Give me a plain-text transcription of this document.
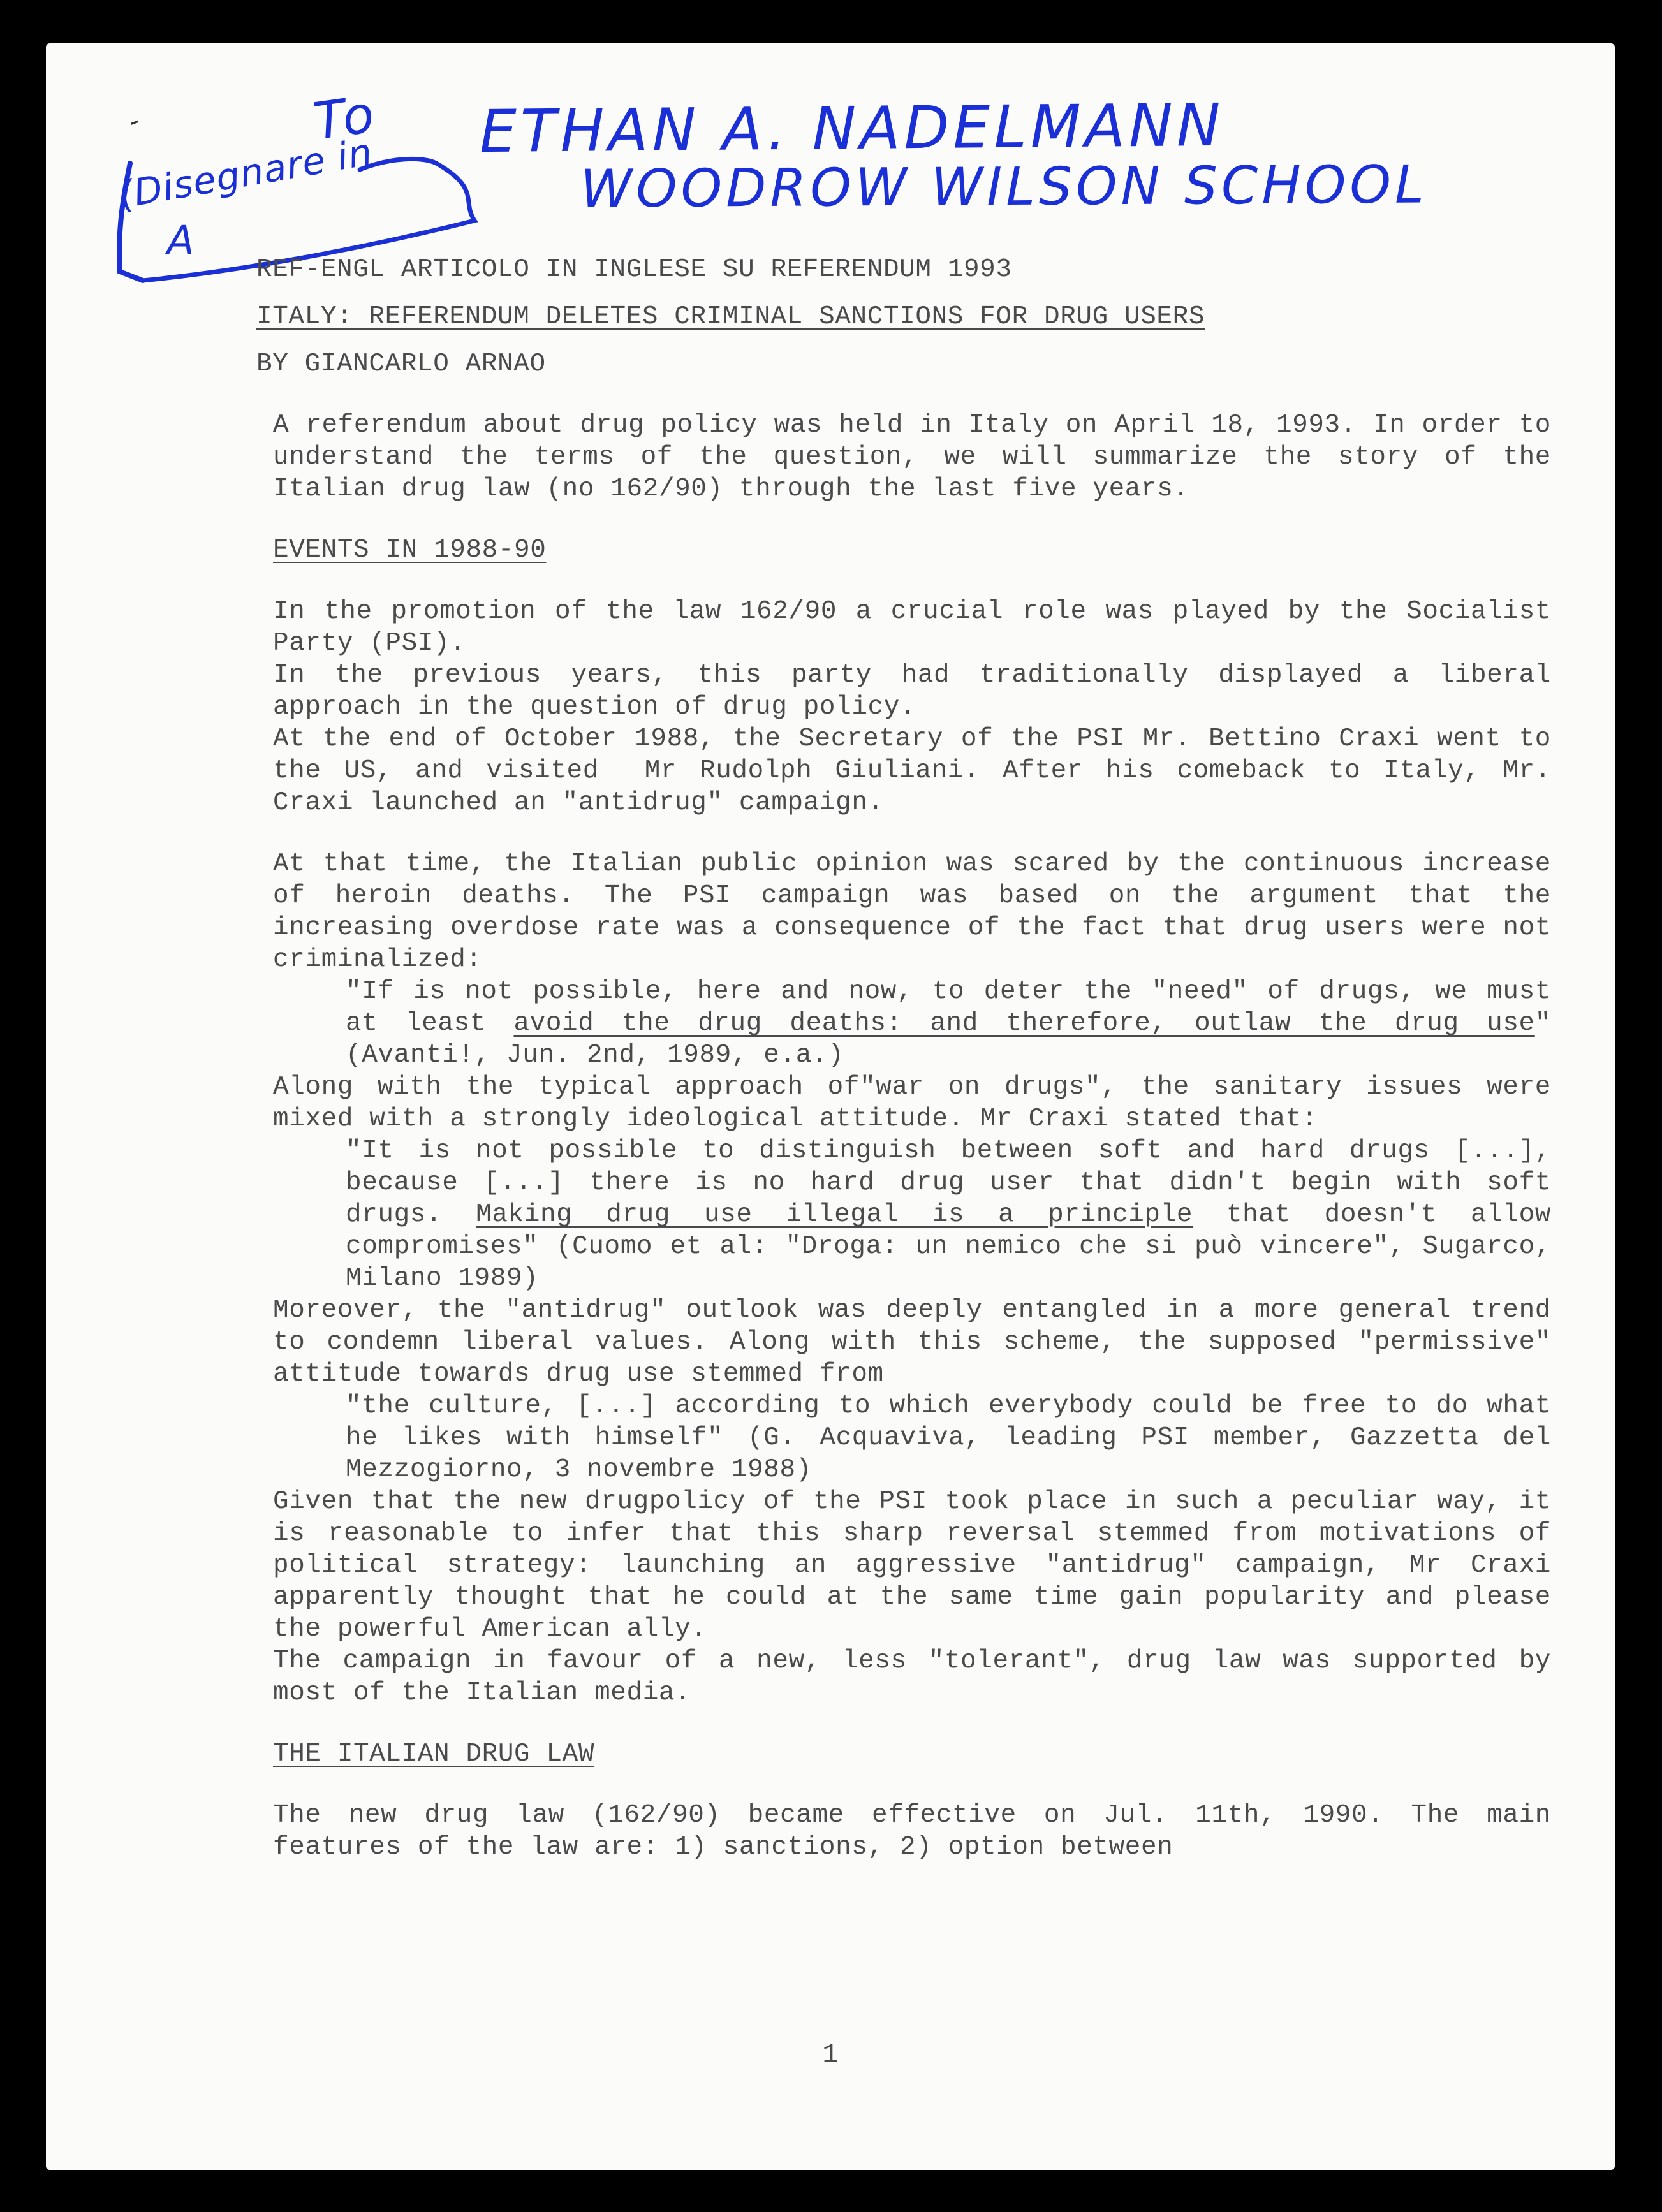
-	To ETHAN A. NADELMANN
WOODROW WILSON SCHOOL
(Disegnare in
A

REF-ENGL ARTICOLO IN INGLESE SU REFERENDUM 1993

ITALY: REFERENDUM DELETES CRIMINAL SANCTIONS FOR DRUG USERS

BY GIANCARLO ARNAO

A referendum about drug policy was held in Italy on April 18, 1993. In order to understand the terms of the question, we will summarize the story of the Italian drug law (no 162/90) through the last five years.

EVENTS IN 1988-90

In the promotion of the law 162/90 a crucial role was played by the Socialist Party (PSI).

In the previous years, this party had traditionally displayed a liberal approach in the question of drug policy.

At the end of October 1988, the Secretary of the PSI Mr. Bettino Craxi went to the US, and visited  Mr Rudolph Giuliani. After his comeback to Italy, Mr. Craxi launched an "antidrug" campaign.

At that time, the Italian public opinion was scared by the continuous increase of heroin deaths. The PSI campaign was based on the argument that the increasing overdose rate was a consequence of the fact that drug users were not criminalized:

"If is not possible, here and now, to deter the "need" of drugs, we must at least avoid the drug deaths: and therefore, outlaw the drug use" (Avanti!, Jun. 2nd, 1989, e.a.)

Along with the typical approach of"war on drugs", the sanitary issues were mixed with a strongly ideological attitude. Mr Craxi stated that:

"It is not possible to distinguish between soft and hard drugs [...], because [...] there is no hard drug user that didn't begin with soft drugs. Making drug use illegal is a principle that doesn't allow compromises" (Cuomo et al: "Droga: un nemico che si può vincere", Sugarco, Milano 1989)

Moreover, the "antidrug" outlook was deeply entangled in a more general trend to condemn liberal values. Along with this scheme, the supposed "permissive" attitude towards drug use stemmed from

"the culture, [...] according to which everybody could be free to do what he likes with himself" (G. Acquaviva, leading PSI member, Gazzetta del Mezzogiorno, 3 novembre 1988)

Given that the new drugpolicy of the PSI took place in such a peculiar way, it is reasonable to infer that this sharp reversal stemmed from motivations of political strategy: launching an aggressive "antidrug" campaign, Mr Craxi apparently thought that he could at the same time gain popularity and please the powerful American ally.

The campaign in favour of a new, less "tolerant", drug law was supported by most of the Italian media.

THE ITALIAN DRUG LAW

The new drug law (162/90) became effective on Jul. 11th, 1990. The main features of the law are: 1) sanctions, 2) option between

1
